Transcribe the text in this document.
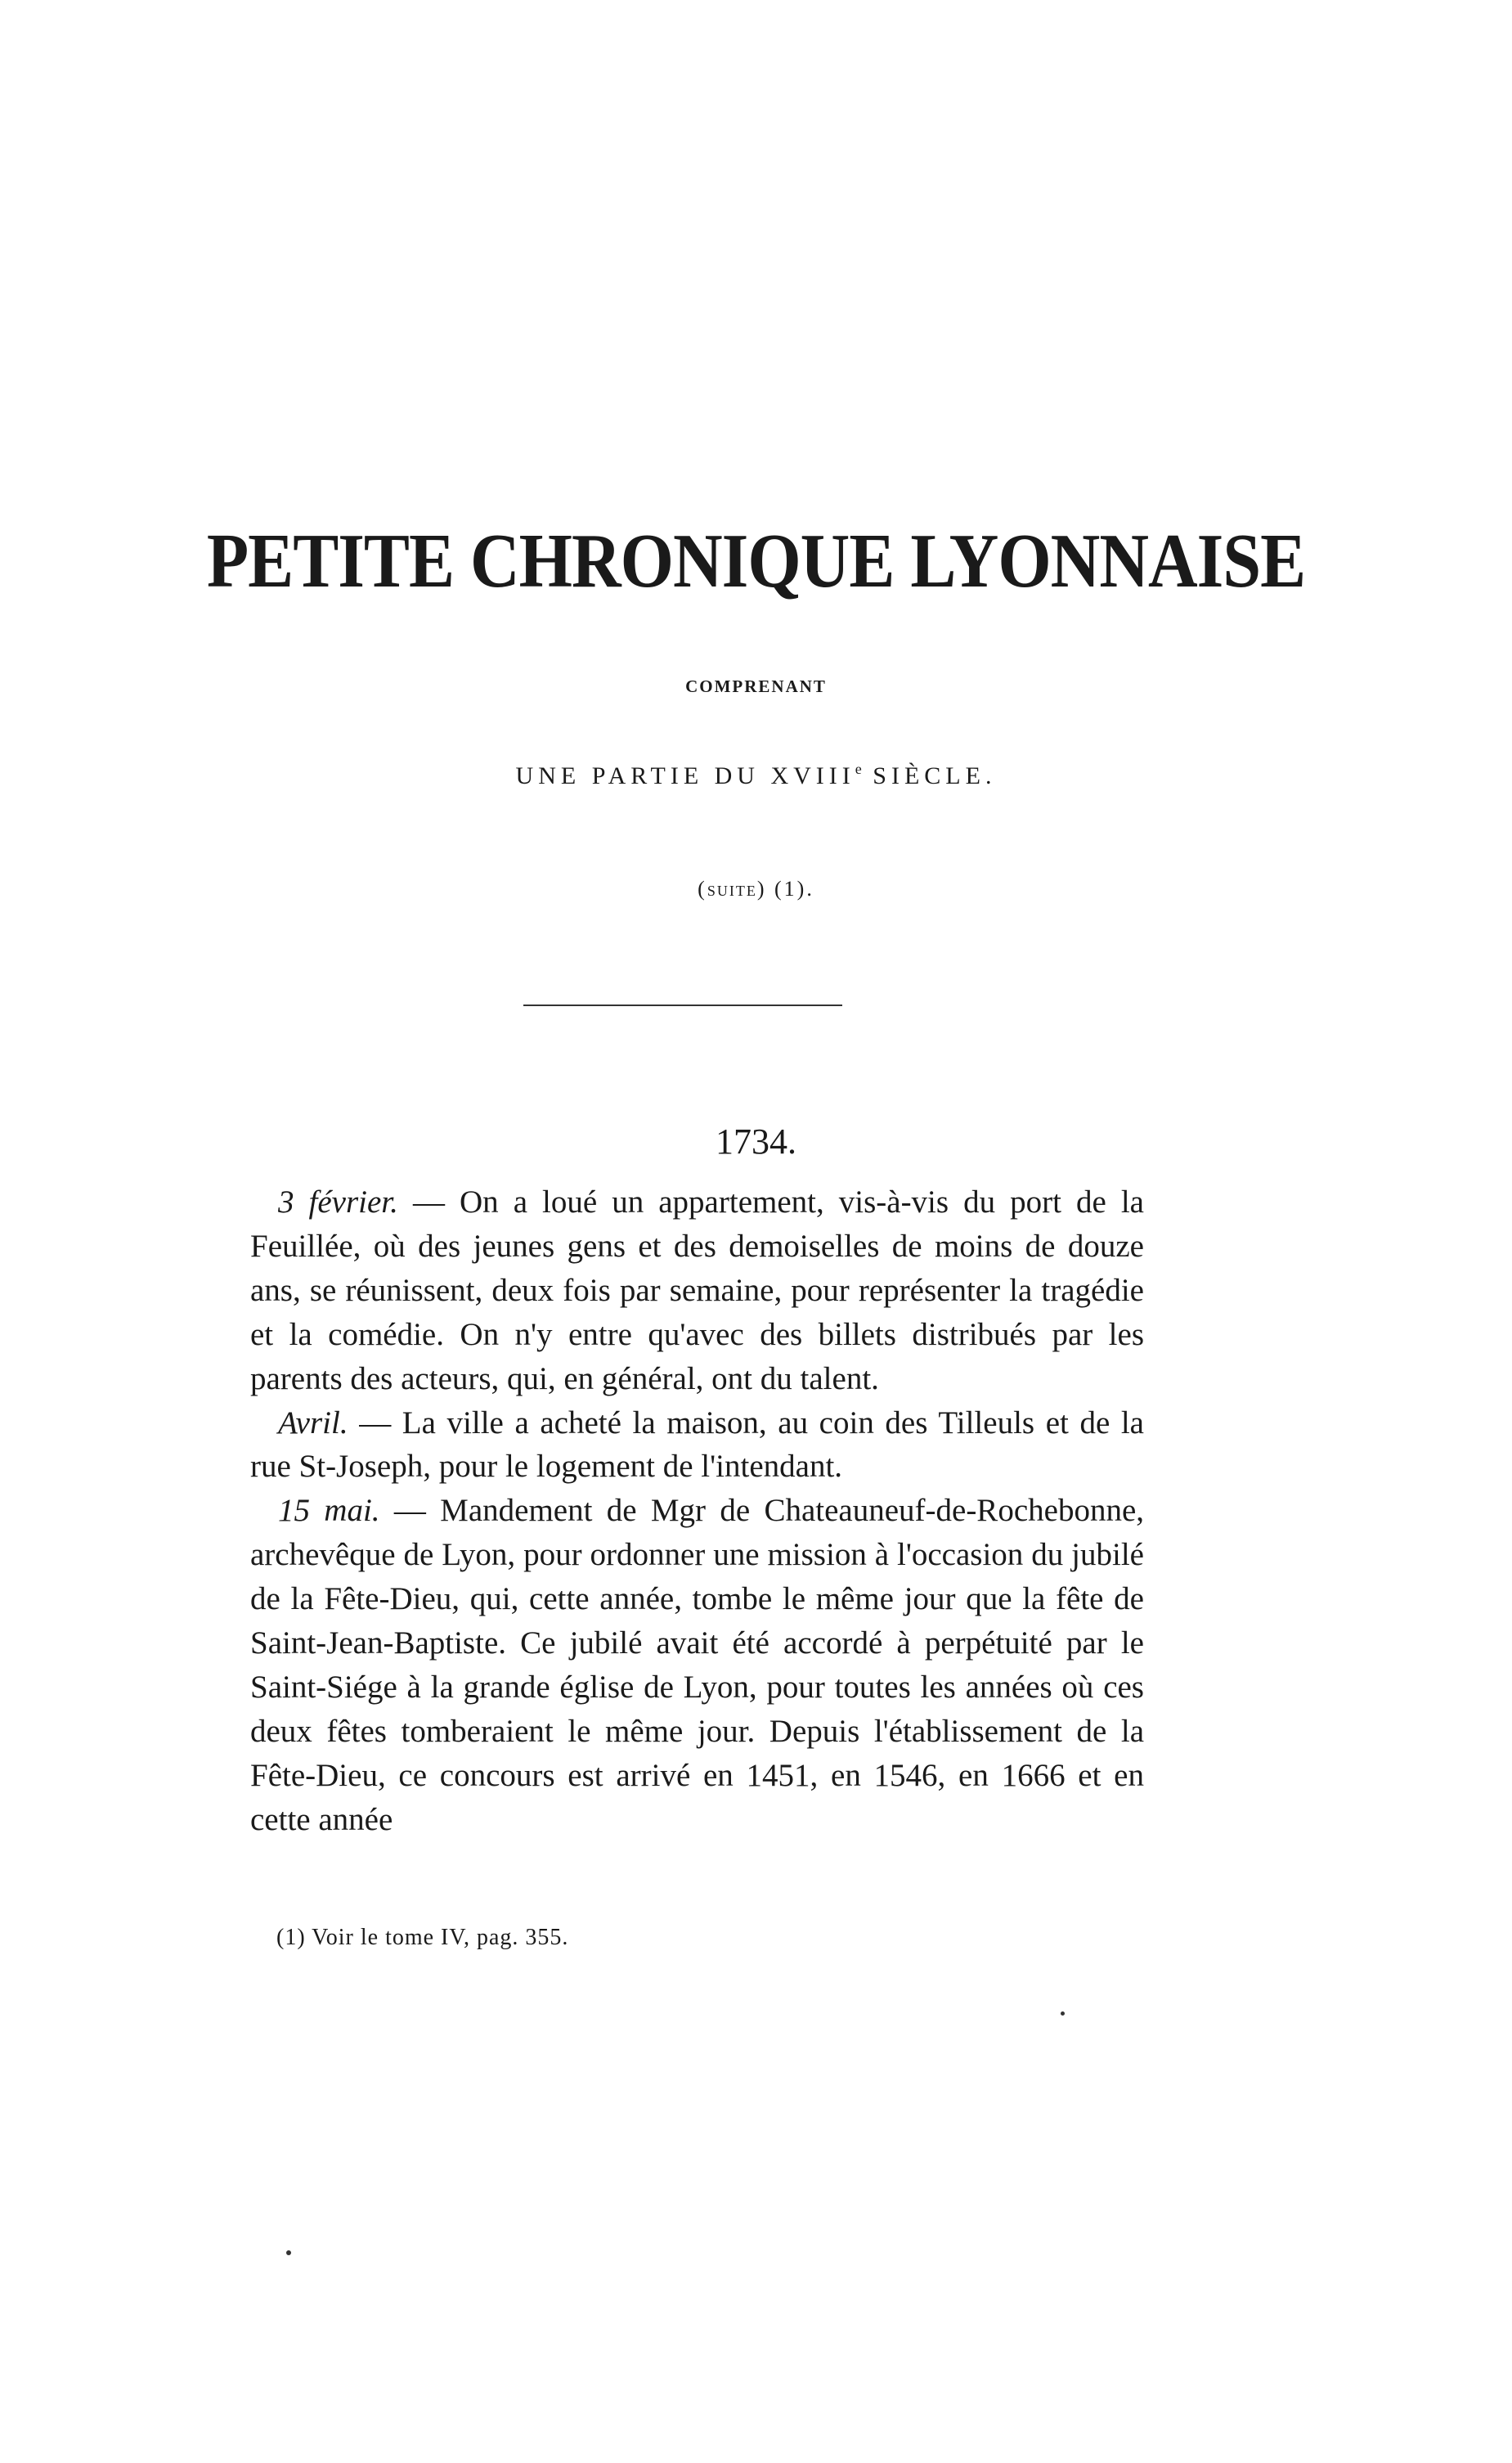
PETITE CHRONIQUE LYONNAISE
COMPRENANT
UNE PARTIE DU XVIIIe SIÈCLE.
(SUITE) (1).
1734.

3 février. — On a loué un appartement, vis-à-vis du port de la Feuillée, où des jeunes gens et des demoiselles de moins de douze ans, se réunissent, deux fois par semaine, pour représenter la tragédie et la comédie. On n'y entre qu'avec des billets distribués par les parents des acteurs, qui, en général, ont du talent.

Avril. — La ville a acheté la maison, au coin des Tilleuls et de la rue St-Joseph, pour le logement de l'intendant.

15 mai. — Mandement de Mgr de Chateauneuf-de-Rochebonne, archevêque de Lyon, pour ordonner une mission à l'occasion du jubilé de la Fête-Dieu, qui, cette année, tombe le même jour que la fête de Saint-Jean-Baptiste. Ce jubilé avait été accordé à perpétuité par le Saint-Siége à la grande église de Lyon, pour toutes les années où ces deux fêtes tomberaient le même jour. Depuis l'établissement de la Fête-Dieu, ce concours est arrivé en 1451, en 1546, en 1666 et en cette année

(1) Voir le tome IV, pag. 355.
